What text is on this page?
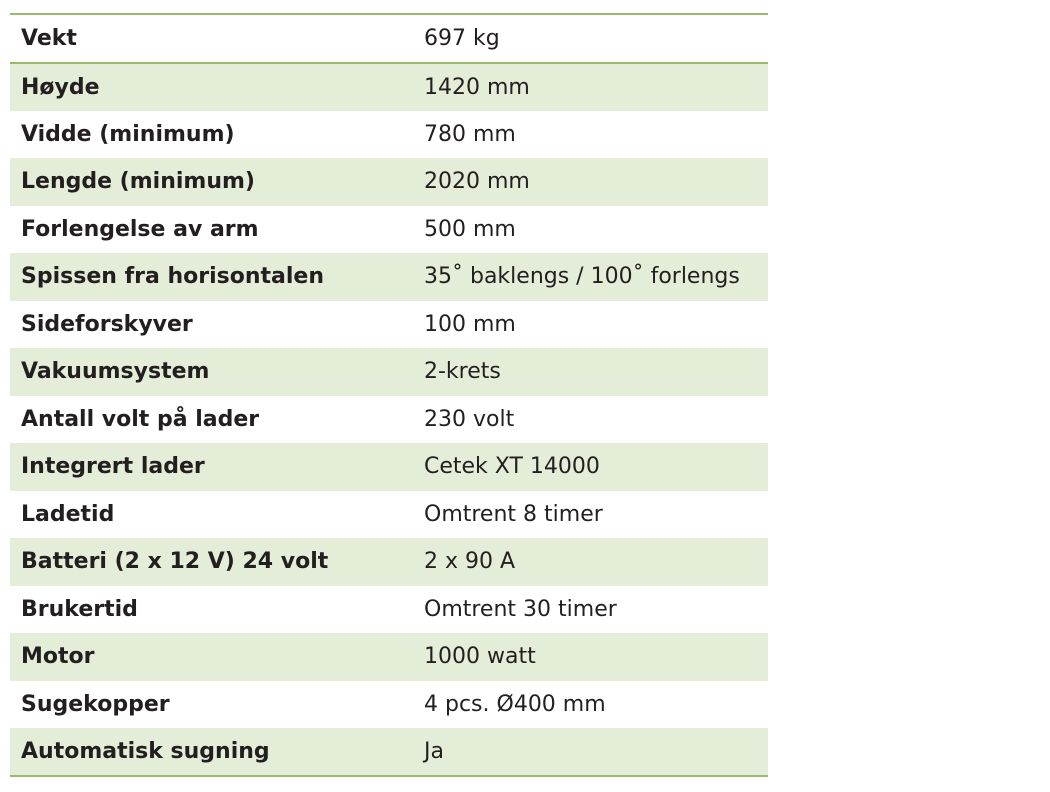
Vekt	697 kg
Høyde	1420 mm
Vidde (minimum)	780 mm
Lengde (minimum)	2020 mm
Forlengelse av arm	500 mm
Spissen fra horisontalen	35˚ baklengs / 100˚ forlengs
Sideforskyver	100 mm
Vakuumsystem	2-krets
Antall volt på lader	230 volt
Integrert lader	Cetek XT 14000
Ladetid	Omtrent 8 timer
Batteri (2 x 12 V) 24 volt	2 x 90 A
Brukertid	Omtrent 30 timer
Motor	1000 watt
Sugekopper	4 pcs. Ø400 mm
Automatisk sugning	Ja
